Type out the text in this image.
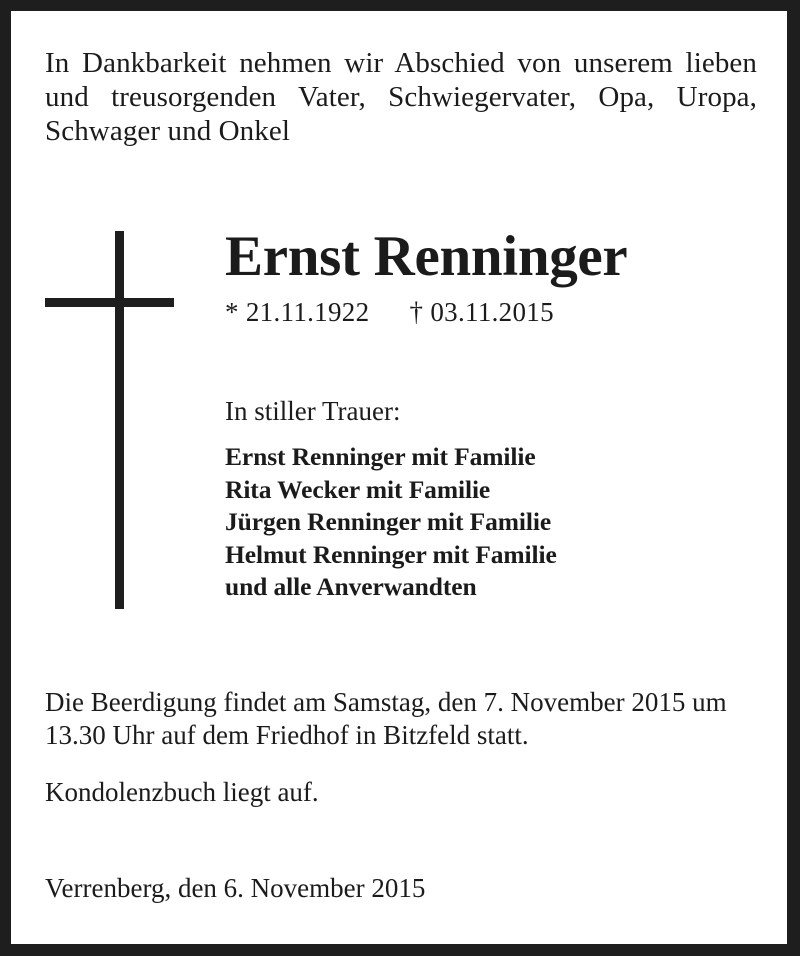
In Dankbarkeit nehmen wir Abschied von unserem lieben und treusorgenden Vater, Schwiegervater, Opa, Uropa, Schwager und Onkel
Ernst Renninger
* 21.11.1922 † 03.11.2015
In stiller Trauer:
Ernst Renninger mit Familie
Rita Wecker mit Familie
Jürgen Renninger mit Familie
Helmut Renninger mit Familie
und alle Anverwandten

Die Beerdigung findet am Samstag, den 7. November 2015 um 13.30 Uhr auf dem Friedhof in Bitzfeld statt.

Kondolenzbuch liegt auf.

Verrenberg, den 6. November 2015
